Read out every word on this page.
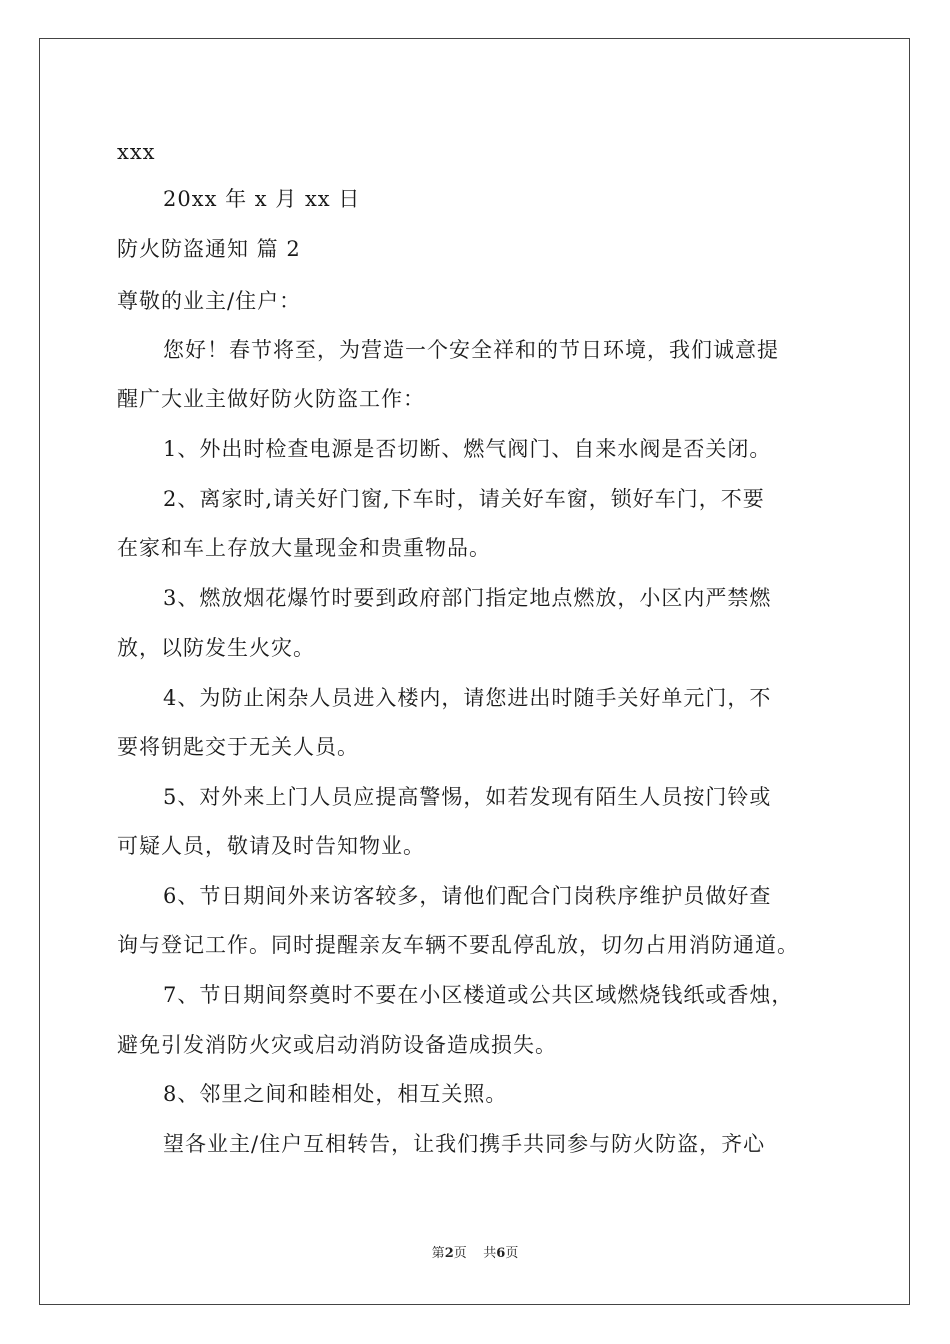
xxx
20xx 年 x 月 xx 日
防火防盗通知 篇 2
尊敬的业主/住户：
您好！春节将至，为营造一个安全祥和的节日环境，我们诚意提
醒广大业主做好防火防盗工作：
1、外出时检查电源是否切断、燃气阀门、自来水阀是否关闭。
2、离家时,请关好门窗,下车时，请关好车窗，锁好车门，不要
在家和车上存放大量现金和贵重物品。
3、燃放烟花爆竹时要到政府部门指定地点燃放，小区内严禁燃
放，以防发生火灾。
4、为防止闲杂人员进入楼内，请您进出时随手关好单元门，不
要将钥匙交于无关人员。
5、对外来上门人员应提高警惕，如若发现有陌生人员按门铃或
可疑人员，敬请及时告知物业。
6、节日期间外来访客较多，请他们配合门岗秩序维护员做好查
询与登记工作。同时提醒亲友车辆不要乱停乱放，切勿占用消防通道。
7、节日期间祭奠时不要在小区楼道或公共区域燃烧钱纸或香烛，
避免引发消防火灾或启动消防设备造成损失。
8、邻里之间和睦相处，相互关照。
望各业主/住户互相转告，让我们携手共同参与防火防盗，齐心
第2页    共6页
